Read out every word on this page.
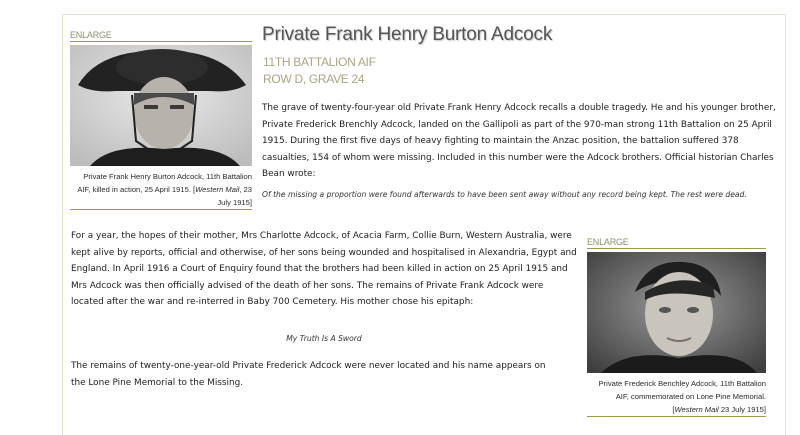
ENLARGE
Private Frank Henry Burton Adcock, 11th Battalion AIF, killed in action, 25 April 1915. [Western Mail, 23 July 1915]
Private Frank Henry Burton Adcock
11TH BATTALION AIF
ROW D, GRAVE 24

The grave of twenty-four-year old Private Frank Henry Adcock recalls a double tragedy. He and his younger brother, Private Frederick Brenchly Adcock, landed on the Gallipoli as part of the 970-man strong 11th Battalion on 25 April 1915. During the first five days of heavy fighting to maintain the Anzac position, the battalion suffered 378 casualties, 154 of whom were missing. Included in this number were the Adcock brothers. Official historian Charles Bean wrote:

Of the missing a proportion were found afterwards to have been sent away without any record being kept. The rest were dead.

For a year, the hopes of their mother, Mrs Charlotte Adcock, of Acacia Farm, Collie Burn, Western Australia, were kept alive by reports, official and otherwise, of her sons being wounded and hospitalised in Alexandria, Egypt and England. In April 1916 a Court of Enquiry found that the brothers had been killed in action on 25 April 1915 and Mrs Adcock was then officially advised of the death of her sons. The remains of Private Frank Adcock were located after the war and re-interred in Baby 700 Cemetery. His mother chose his epitaph:

My Truth Is A Sword

The remains of twenty-one-year-old Private Frederick Adcock were never located and his name appears on the Lone Pine Memorial to the Missing.

ENLARGE
Private Frederick Benchley Adcock, 11th Battalion AIF, commemorated on Lone Pine Memorial. [Western Mail 23 July 1915]
